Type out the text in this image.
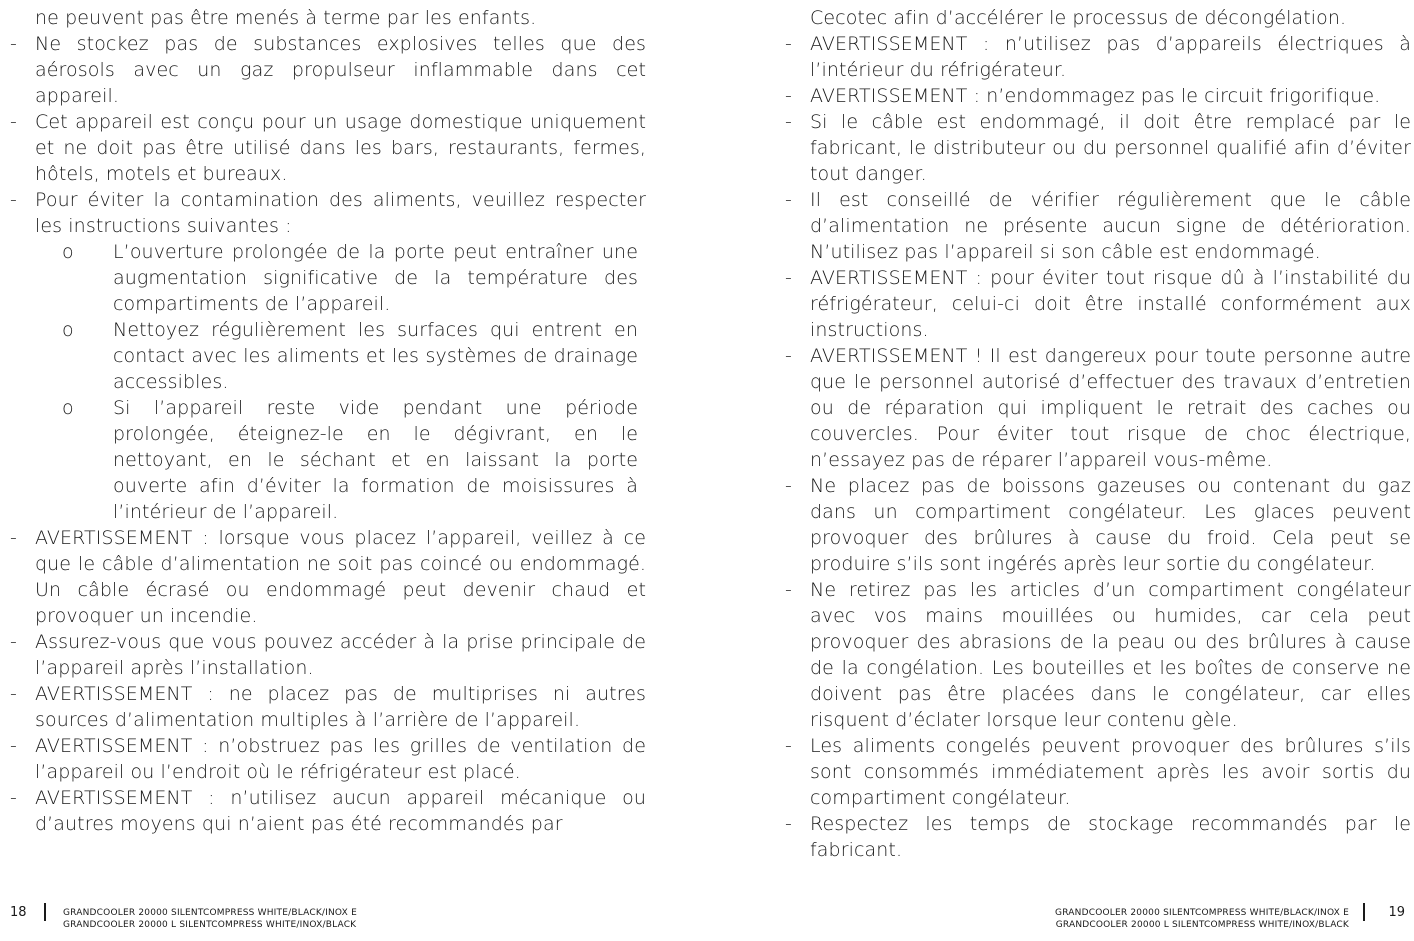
ne peuvent pas être menés à terme par les enfants.

- Ne stockez pas de substances explosives telles que des aérosols avec un gaz propulseur inflammable dans cet appareil.

- Cet appareil est conçu pour un usage domestique uniquement et ne doit pas être utilisé dans les bars, restaurants, fermes, hôtels, motels et bureaux.

- Pour éviter la contamination des aliments, veuillez respecter les instructions suivantes :

o L’ouverture prolongée de la porte peut entraîner une augmentation significative de la température des compartiments de l’appareil.

o Nettoyez régulièrement les surfaces qui entrent en contact avec les aliments et les systèmes de drainage accessibles.

o Si l’appareil reste vide pendant une période prolongée, éteignez-le en le dégivrant, en le nettoyant, en le séchant et en laissant la porte ouverte afin d’éviter la formation de moisissures à l’intérieur de l’appareil.

- AVERTISSEMENT : lorsque vous placez l’appareil, veillez à ce que le câble d’alimentation ne soit pas coincé ou endommagé. Un câble écrasé ou endommagé peut devenir chaud et provoquer un incendie.

- Assurez-vous que vous pouvez accéder à la prise principale de l’appareil après l’installation.

- AVERTISSEMENT : ne placez pas de multiprises ni autres sources d’alimentation multiples à l’arrière de l’appareil.

- AVERTISSEMENT : n’obstruez pas les grilles de ventilation de l’appareil ou l’endroit où le réfrigérateur est placé.

- AVERTISSEMENT : n’utilisez aucun appareil mécanique ou d’autres moyens qui n’aient pas été recommandés par

18	GRANDCOOLER 20000 SILENTCOMPRESS WHITE/BLACK/INOX E
GRANDCOOLER 20000 L SILENTCOMPRESS WHITE/INOX/BLACK

Cecotec afin d’accélérer le processus de décongélation.

- AVERTISSEMENT : n’utilisez pas d’appareils électriques à l’intérieur du réfrigérateur.

- AVERTISSEMENT : n’endommagez pas le circuit frigorifique.

- Si le câble est endommagé, il doit être remplacé par le fabricant, le distributeur ou du personnel qualifié afin d’éviter tout danger.

- Il est conseillé de vérifier régulièrement que le câble d’alimentation ne présente aucun signe de détérioration. N’utilisez pas l’appareil si son câble est endommagé.

- AVERTISSEMENT : pour éviter tout risque dû à l’instabilité du réfrigérateur, celui-ci doit être installé conformément aux instructions.

- AVERTISSEMENT ! Il est dangereux pour toute personne autre que le personnel autorisé d’effectuer des travaux d’entretien ou de réparation qui impliquent le retrait des caches ou couvercles. Pour éviter tout risque de choc électrique, n’essayez pas de réparer l’appareil vous-même.

- Ne placez pas de boissons gazeuses ou contenant du gaz dans un compartiment congélateur. Les glaces peuvent provoquer des brûlures à cause du froid. Cela peut se produire s’ils sont ingérés après leur sortie du congélateur.

- Ne retirez pas les articles d’un compartiment congélateur avec vos mains mouillées ou humides, car cela peut provoquer des abrasions de la peau ou des brûlures à cause de la congélation. Les bouteilles et les boîtes de conserve ne doivent pas être placées dans le congélateur, car elles risquent d’éclater lorsque leur contenu gèle.

- Les aliments congelés peuvent provoquer des brûlures s’ils sont consommés immédiatement après les avoir sortis du compartiment congélateur.

- Respectez les temps de stockage recommandés par le fabricant.

GRANDCOOLER 20000 SILENTCOMPRESS WHITE/BLACK/INOX E
GRANDCOOLER 20000 L SILENTCOMPRESS WHITE/INOX/BLACK
19
